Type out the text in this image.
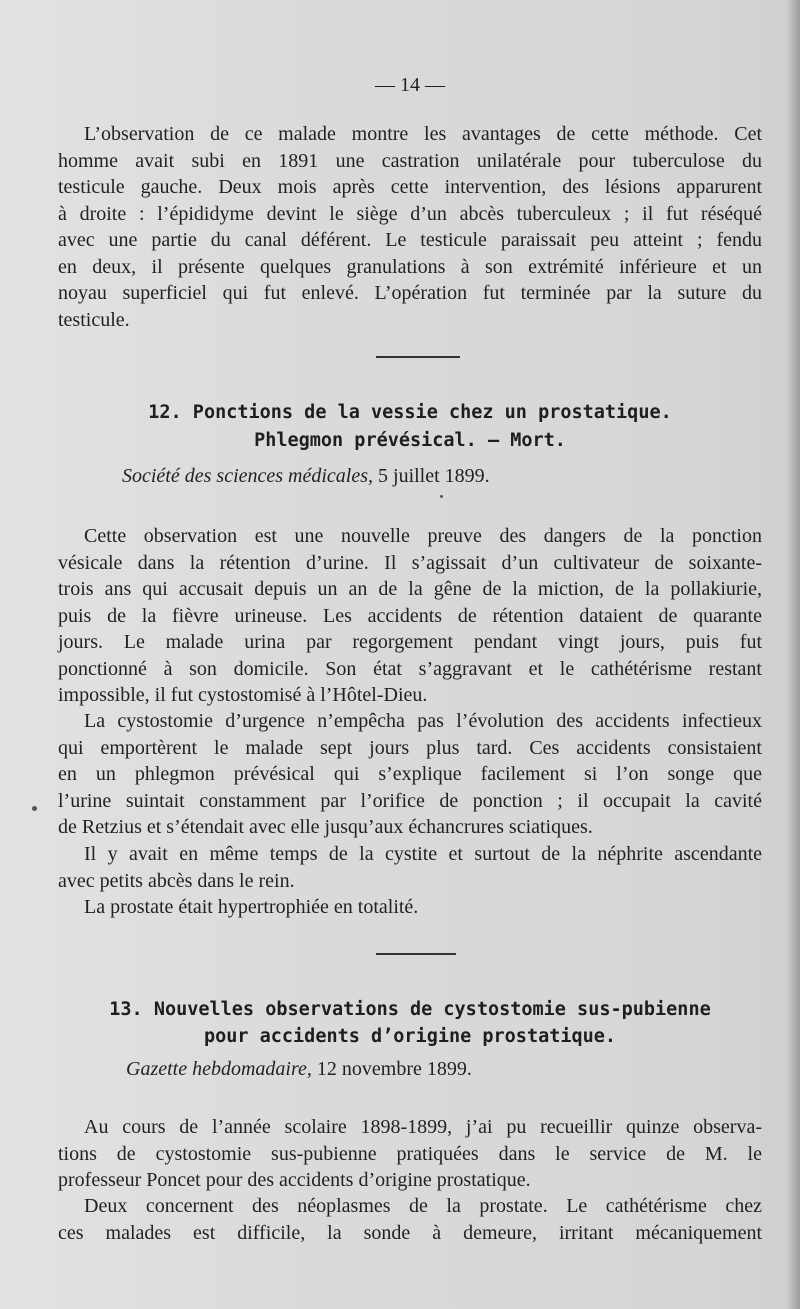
— 14 —
L’observation de ce malade montre les avantages de cette méthode. Cet
homme avait subi en 1891 une castration unilatérale pour tuberculose du
testicule gauche. Deux mois après cette intervention, des lésions apparurent
à droite : l’épididyme devint le siège d’un abcès tuberculeux ; il fut réséqué
avec une partie du canal déférent. Le testicule paraissait peu atteint ; fendu
en deux, il présente quelques granulations à son extrémité inférieure et un
noyau superficiel qui fut enlevé. L’opération fut terminée par la suture du
testicule.
12. Ponctions de la vessie chez un prostatique.
Phlegmon prévésical. — Mort.
Société des sciences médicales, 5 juillet 1899.
Cette observation est une nouvelle preuve des dangers de la ponction
vésicale dans la rétention d’urine. Il s’agissait d’un cultivateur de soixante-
trois ans qui accusait depuis un an de la gêne de la miction, de la pollakiurie,
puis de la fièvre urineuse. Les accidents de rétention dataient de quarante
jours. Le malade urina par regorgement pendant vingt jours, puis fut
ponctionné à son domicile. Son état s’aggravant et le cathétérisme restant
impossible, il fut cystostomisé à l’Hôtel-Dieu.
La cystostomie d’urgence n’empêcha pas l’évolution des accidents infectieux
qui emportèrent le malade sept jours plus tard. Ces accidents consistaient
en un phlegmon prévésical qui s’explique facilement si l’on songe que
l’urine suintait constamment par l’orifice de ponction ; il occupait la cavité
de Retzius et s’étendait avec elle jusqu’aux échancrures sciatiques.
Il y avait en même temps de la cystite et surtout de la néphrite ascendante
avec petits abcès dans le rein.
La prostate était hypertrophiée en totalité.
13. Nouvelles observations de cystostomie sus-pubienne
pour accidents d’origine prostatique.
Gazette hebdomadaire, 12 novembre 1899.
Au cours de l’année scolaire 1898-1899, j’ai pu recueillir quinze observa-
tions de cystostomie sus-pubienne pratiquées dans le service de M. le
professeur Poncet pour des accidents d’origine prostatique.
Deux concernent des néoplasmes de la prostate. Le cathétérisme chez
ces malades est difficile, la sonde à demeure, irritant mécaniquement
